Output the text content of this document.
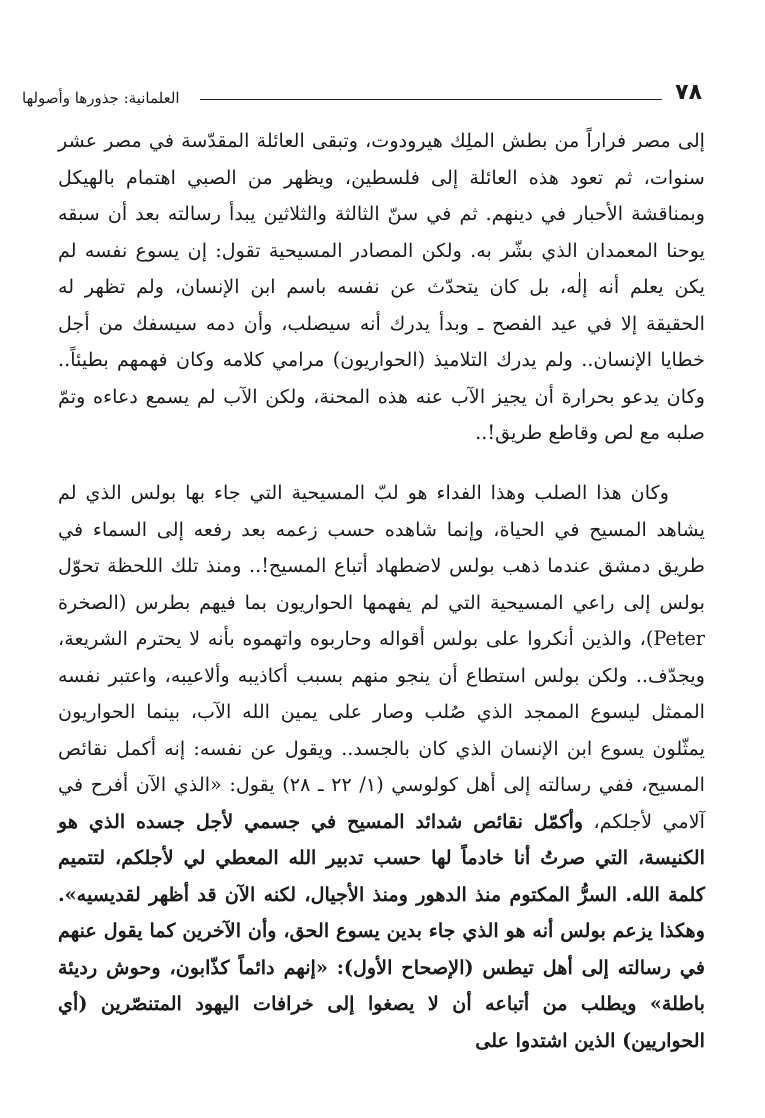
٧٨
العلمانية: جذورها وأصولها

إلى مصر فراراً من بطش الملِك هيرودوت، وتبقى العائلة المقدّسة في مصر عشر سنوات، ثم تعود هذه العائلة إلى فلسطين، ويظهر من الصبي اهتمام بالهيكل وبمناقشة الأحبار في دينهم. ثم في سنّ الثالثة والثلاثين يبدأ رسالته بعد أن سبقه يوحنا المعمدان الذي بشّر به. ولكن المصادر المسيحية تقول: إن يسوع نفسه لم يكن يعلم أنه إلٰه، بل كان يتحدّث عن نفسه باسم ابن الإنسان، ولم تظهر له الحقيقة إلا في عيد الفصح ـ وبدأ يدرك أنه سيصلب، وأن دمه سيسفك من أجل خطايا الإنسان.. ولم يدرك التلاميذ (الحواريون) مرامي كلامه وكان فهمهم بطيئاً.. وكان يدعو بحرارة أن يجيز الآب عنه هذه المحنة، ولكن الآب لم يسمع دعاءه وتمّ صلبه مع لص وقاطع طريق!..

وكان هذا الصلب وهذا الفداء هو لبّ المسيحية التي جاء بها بولس الذي لم يشاهد المسيح في الحياة، وإنما شاهده حسب زعمه بعد رفعه إلى السماء في طريق دمشق عندما ذهب بولس لاضطهاد أتباع المسيح!.. ومنذ تلك اللحظة تحوّل بولس إلى راعي المسيحية التي لم يفهمها الحواريون بما فيهم بطرس (الصخرة Peter)، والذين أنكروا على بولس أقواله وحاربوه واتهموه بأنه لا يحترم الشريعة، ويجدّف.. ولكن بولس استطاع أن ينجو منهم بسبب أكاذيبه وألاعيبه، واعتبر نفسه الممثل ليسوع الممجد الذي صُلب وصار على يمين الله الآب، بينما الحواريون يمثّلون يسوع ابن الإنسان الذي كان بالجسد.. ويقول عن نفسه: إنه أكمل نقائص المسيح، ففي رسالته إلى أهل كولوسي (١/ ٢٢ ـ ٢٨) يقول: «الذي الآن أفرح في آلامي لأجلكم، وأكمّل نقائص شدائد المسيح في جسمي لأجل جسده الذي هو الكنيسة، التي صرتُ أنا خادماً لها حسب تدبير الله المعطي لي لأجلكم، لتتميم كلمة الله. السرُّ المكتوم منذ الدهور ومنذ الأجيال، لكنه الآن قد أظهر لقديسيه». وهكذا يزعم بولس أنه هو الذي جاء بدين يسوع الحق، وأن الآخرين كما يقول عنهم في رسالته إلى أهل تيطس (الإصحاح الأول): «إنهم دائماً كذّابون، وحوش رديئة باطلة» ويطلب من أتباعه أن لا يصغوا إلى خرافات اليهود المتنصّرين (أي الحواريين) الذين اشتدوا على
